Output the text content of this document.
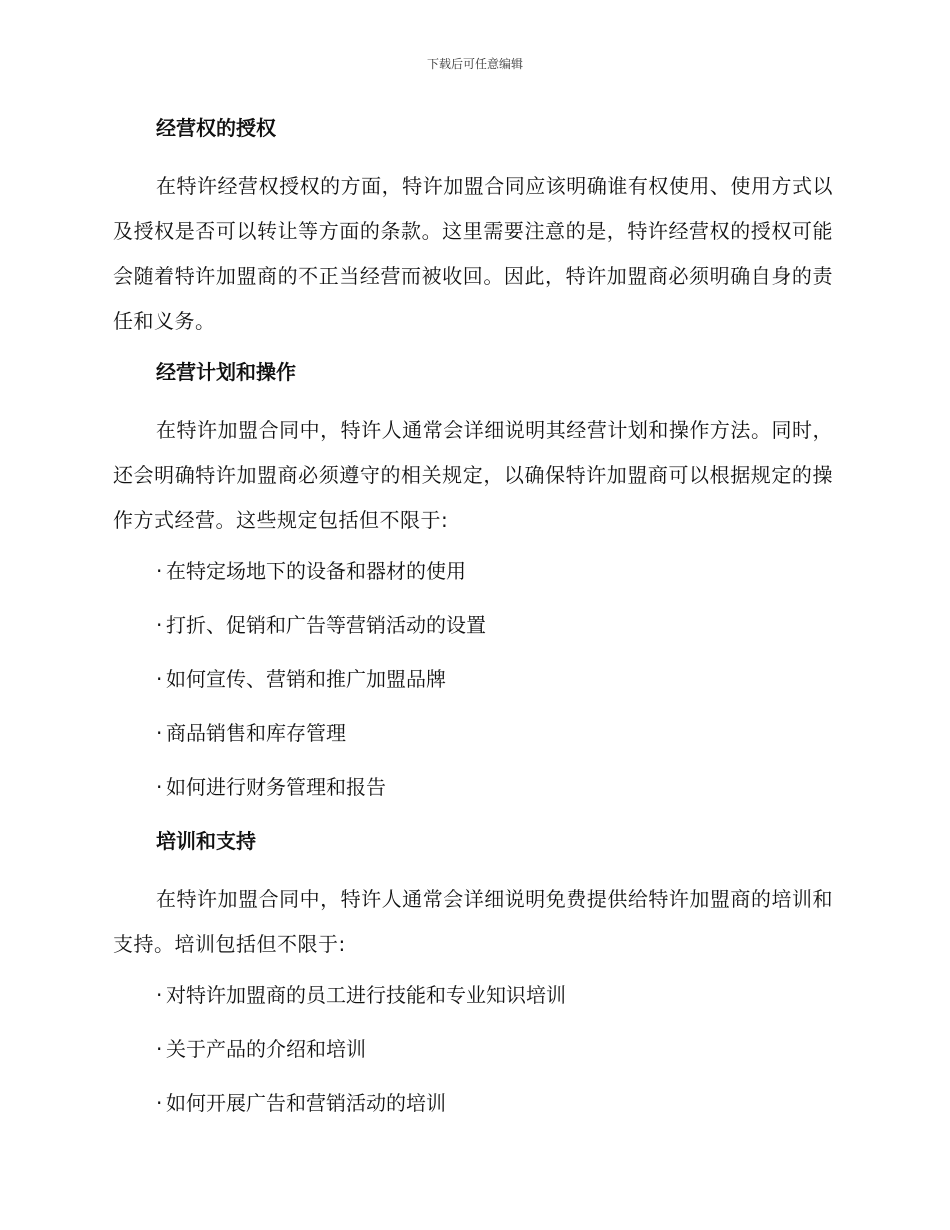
下载后可任意编辑
经营权的授权

在特许经营权授权的方面，特许加盟合同应该明确谁有权使用、使用方式以及授权是否可以转让等方面的条款。这里需要注意的是，特许经营权的授权可能会随着特许加盟商的不正当经营而被收回。因此，特许加盟商必须明确自身的责任和义务。

经营计划和操作

在特许加盟合同中，特许人通常会详细说明其经营计划和操作方法。同时，还会明确特许加盟商必须遵守的相关规定，以确保特许加盟商可以根据规定的操作方式经营。这些规定包括但不限于:

· 在特定场地下的设备和器材的使用
· 打折、促销和广告等营销活动的设置
· 如何宣传、营销和推广加盟品牌
· 商品销售和库存管理
· 如何进行财务管理和报告
培训和支持

在特许加盟合同中，特许人通常会详细说明免费提供给特许加盟商的培训和支持。培训包括但不限于:

· 对特许加盟商的员工进行技能和专业知识培训
· 关于产品的介绍和培训
· 如何开展广告和营销活动的培训
